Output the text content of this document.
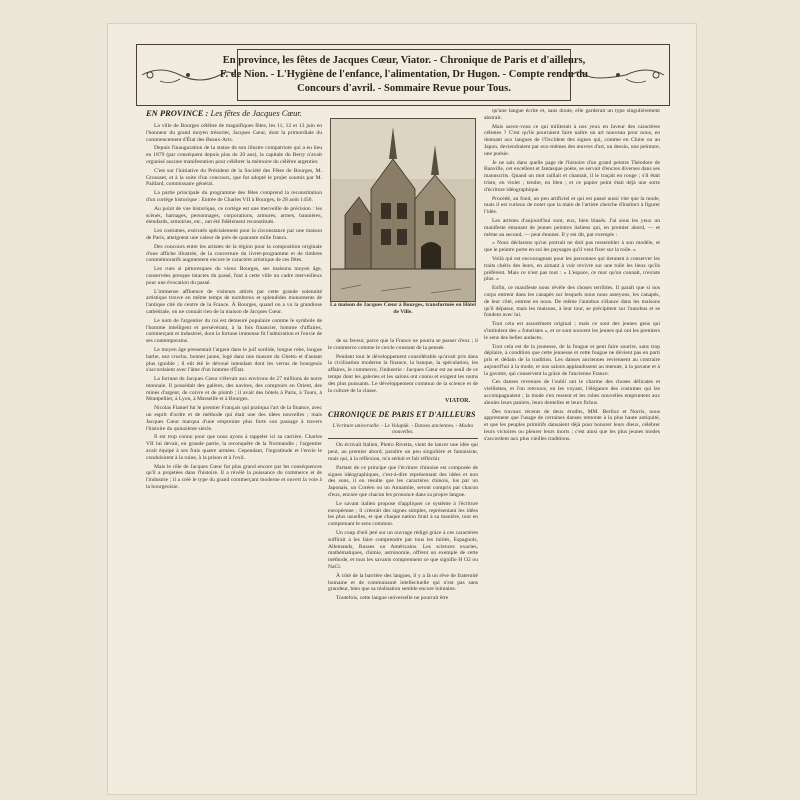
En province, les fêtes de Jacques Cœur, Viator. - Chronique de Paris et d'ailleurs,
F. de Nion. - L'Hygiène de l'enfance, l'alimentation, Dr Hugon. - Compte rendu du
Concours d'avril. - Sommaire Revue pour Tous.
EN PROVINCE : Les fêtes de Jacques Cœur.

La ville de Bourges célèbre de magnifiques fêtes, les 11, 12 et 13 juin en l'honneur du grand moyen trésorier, Jacques Cœur, dont la primordiale du commencement d'État des Beaux-Arts.

Depuis l'inauguration de la statue de son illustre compatriote qui a eu lieu en 1879 (par conséquent depuis plus de 20 ans), la capitale du Berry n'avait organisé aucune manifestation pour célébrer la mémoire du célèbre argentier.

C'est sur l'initiative du Président de la Société des Fêtes de Bourges, M. Grousset, et à la suite d'un concours, que fut adopté le projet soumis par M. Paillard, commissaire général.

La partie principale du programme des fêtes comprend la reconstitution d'un cortège historique : Entrée de Charles VII à Bourges, le 28 août 1450.

Au point de vue historique, ce cortège est une merveille de précision : les scènes, harnages, personnages, corporations, armures, armes, bannières, étendards, armoiries, etc., ont été fidèlement reconstitués.

Les costumes, exécutés spécialement pour la circonstance par une maison de Paris, atteignent une valeur de près de quarante mille francs.

Des concours entre les artistes de la région pour la composition originale d'une affiche illustrée, de la couverture du livret-programme et de timbres commémoratifs augmentent encore le caractère artistique de ces fêtes.

Les rues si pittoresques du vieux Bourges, ses maisons moyen âge, conservées presque intactes du passé, font à cette ville un cadre merveilleux pour une évocation du passé.

L'immense affluence de visiteurs attirés par cette grande solennité artistique trouve en même temps de nombreux et splendides monuments de l'antique cité du centre de la France. À Bourges, quand on a vu la grandiose cathédrale, on ne connaît rien de la maison de Jacques Cœur.

Le nom de l'argentier du roi est demeuré populaire comme le symbole de l'homme intelligent et persévérant, à la fois financier, homme d'affaires, commerçant et industriel, dont la fortune immense fit l'admiration et l'envie de ses contemporains.

Le moyen âge pressentait l'argent dans le juif sordide, longue robe, longue barbe, nez crochu, bonnet jaune, logé dans une masure du Ghetto et d'autant plus ignoble ; il eût été le dévoué intendant dont les vertus de bourgeois s'accordaient avec l'âme d'un homme d'État.

La fortune de Jacques Cœur s'élevait aux environs de 27 millions de notre monnaie. Il possédait des galères, des navires, des comptoirs en Orient, des mines d'argent, de cuivre et de plomb ; il avait des hôtels à Paris, à Tours, à Montpellier, à Lyon, à Marseille et à Bourges.

Nicolas Flamel fut le premier Français qui pratiqua l'art de la finance, avec un esprit d'ordre et de méthode qui était une des idées nouvelles ; mais Jacques Cœur marqua d'une empreinte plus forte son passage à travers l'histoire du quinzième siècle.

Il est trop connu pour que nous ayons à rappeler ici sa carrière. Charles VII lui devait, en grande partie, la reconquête de la Normandie ; l'argentier avait équipé à ses frais quatre armées. Cependant, l'ingratitude et l'envie le conduisirent à la ruine, à la prison et à l'exil.

Mais le rôle de Jacques Cœur fut plus grand encore par les conséquences qu'il a projetées dans l'histoire. Il a révélé la puissance du commerce et de l'industrie ; il a créé le type du grand commerçant moderne et ouvert la voie à la bourgeoisie.

La maison de Jacques Cœur à Bourges, transformée en Hôtel de Ville.

de sa faveur, parce que la France ne pourra se passer d'eux ; il le commerce comme le cercle constant de la pensée.

Pendant tout le développement considérable qu'avait pris dans la civilisation moderne la finance, la banque, la spéculation, les affaires, le commerce, l'industrie : Jacques Cœur est au seuil de ce temps dont les galeries et les salons ont connu et exigent les noms des plus puissants. Le développement commun de la science et de la culture de la classe.

VIATOR.
CHRONIQUE DE PARIS ET D'AILLEURS
L'écriture universelle. - Le Volapük. - Danses anciennes. - Modes nouvelles.

On écrivait Italien, Pietro Rivetta, vient de lancer une idée qui peut, au premier abord, paraître un peu singulière et fantaisiste, mais qui, à la réflexion, m'a séduit et fait réfléchir.

Partant de ce principe que l'écriture chinoise est composée de signes idéographiques, c'est-à-dire représentant des idées et non des sons, il en résulte que les caractères chinois, lus par un Japonais, un Coréen ou un Annamite, seront compris par chacun d'eux, encore que chacun les prononce dans sa propre langue.

Le savant italien propose d'appliquer ce système à l'écriture européenne ; il créerait des signes simples, représentant les idées les plus usuelles, et que chaque nation lirait à sa manière, tout en comprenant le sens commun.

Un coup d'œil jeté sur un ouvrage rédigé grâce à ces caractères suffirait à les faire comprendre par tous les initiés, Espagnols, Allemands, Russes ou Américains. Les sciences exactes, mathématiques, chimie, astronomie, offrent un exemple de cette méthode, et tous les savants comprennent ce que signifie H O2 ou NaCl.

À côté de la barrière des langues, il y a là un rêve de fraternité humaine et de communauté intellectuelle qui n'est pas sans grandeur, bien que sa réalisation semble encore lointaine.

Toutefois, cette langue universelle ne pourrait être

qu'une langue écrite et, sans doute, elle garderait un type singulièrement abstrait.

Mais savez-vous ce qui militerait à nos yeux en faveur des caractères célestes ? C'est qu'ils pourraient faire naître un art nouveau pour nous, en donnant aux langues de l'Occident des signes qui, comme en Chine ou au Japon, deviendraient par eux-mêmes des œuvres d'art, un dessin, une peinture, une poésie.

Je ne sais dans quelle page de l'histoire d'un grand peintre Théodore de Banville, cet excellent et fantasque poète, se servait d'encres diverses dans ses manuscrits. Quand un mot raillait et chantait, il le traçait en rouge ; s'il était triste, en violet ; tendre, en bleu ; et ce papier peint était déjà une sorte d'écriture idéographique.

Procédé, au fond, un peu artificiel et qui est passé aussi vite que la mode, mais il est curieux de noter que la main de l'artiste cherche d'instinct à figurer l'idée.

Les artistes d'aujourd'hui sont, eux, bien blasés. J'ai sous les yeux un manifeste émanant de jeunes peintres italiens qui, en premier abord, — et même au second, — peut étonner. Il y est dit, par exemple :

« Nous déclarons qu'un portrait ne doit pas ressembler à son modèle, et que le peintre porte en soi les paysages qu'il veut fixer sur la toile. »

Voilà qui est encourageant pour les personnes qui tiennent à conserver les traits chéris des leurs, en aimant à voir revivre sur une toile les lieux qu'ils préfèrent. Mais ce n'est pas tout : « L'espace, ce mur qu'on connaît, n'existe plus. »

Enfin, ce manifeste nous révèle des choses terribles. Il paraît que si nos corps entrent dans les canapés sur lesquels nous nous asseyons, les canapés, de leur côté, entrent en nous. De même l'autobus s'élance dans les maisons qu'il dépasse, mais les maisons, à leur tour, se précipitent sur l'autobus et se fondent avec lui.

Tout cela est assurément original ; mais ce sont des jeunes gens qui s'intitulent des « futuristes », et ce sont souvent les jeunes qui ont les premiers le sens des belles audaces.

Tout cela est de la jeunesse, de la fougue et peut faire sourire, sans trop déplaire, à condition que cette jeunesse et cette fougue ne dévient pas en parti pris et dédain de la tradition. Les danses anciennes reviennent au contraire aujourd'hui à la mode, et nos salons applaudissent au menuet, à la pavane et à la gavotte, qui conservent la grâce de l'ancienne France.

Ces danses revenues de l'oubli ont le charme des choses délicates et vieillottes, et l'on retrouve, en les voyant, l'élégance des costumes qui les accompagnaient ; la mode s'en ressent et les robes nouvelles empruntent aux aïeules leurs paniers, leurs dentelles et leurs fichus.

Des travaux récents de deux érudits, MM. Berlioz et Norris, nous apprennent que l'usage de certaines danses remonte à la plus haute antiquité, et que les peuples primitifs dansaient déjà pour honorer leurs dieux, célébrer leurs victoires ou pleurer leurs morts ; c'est ainsi que les plus jeunes modes s'accordent aux plus vieilles traditions.
